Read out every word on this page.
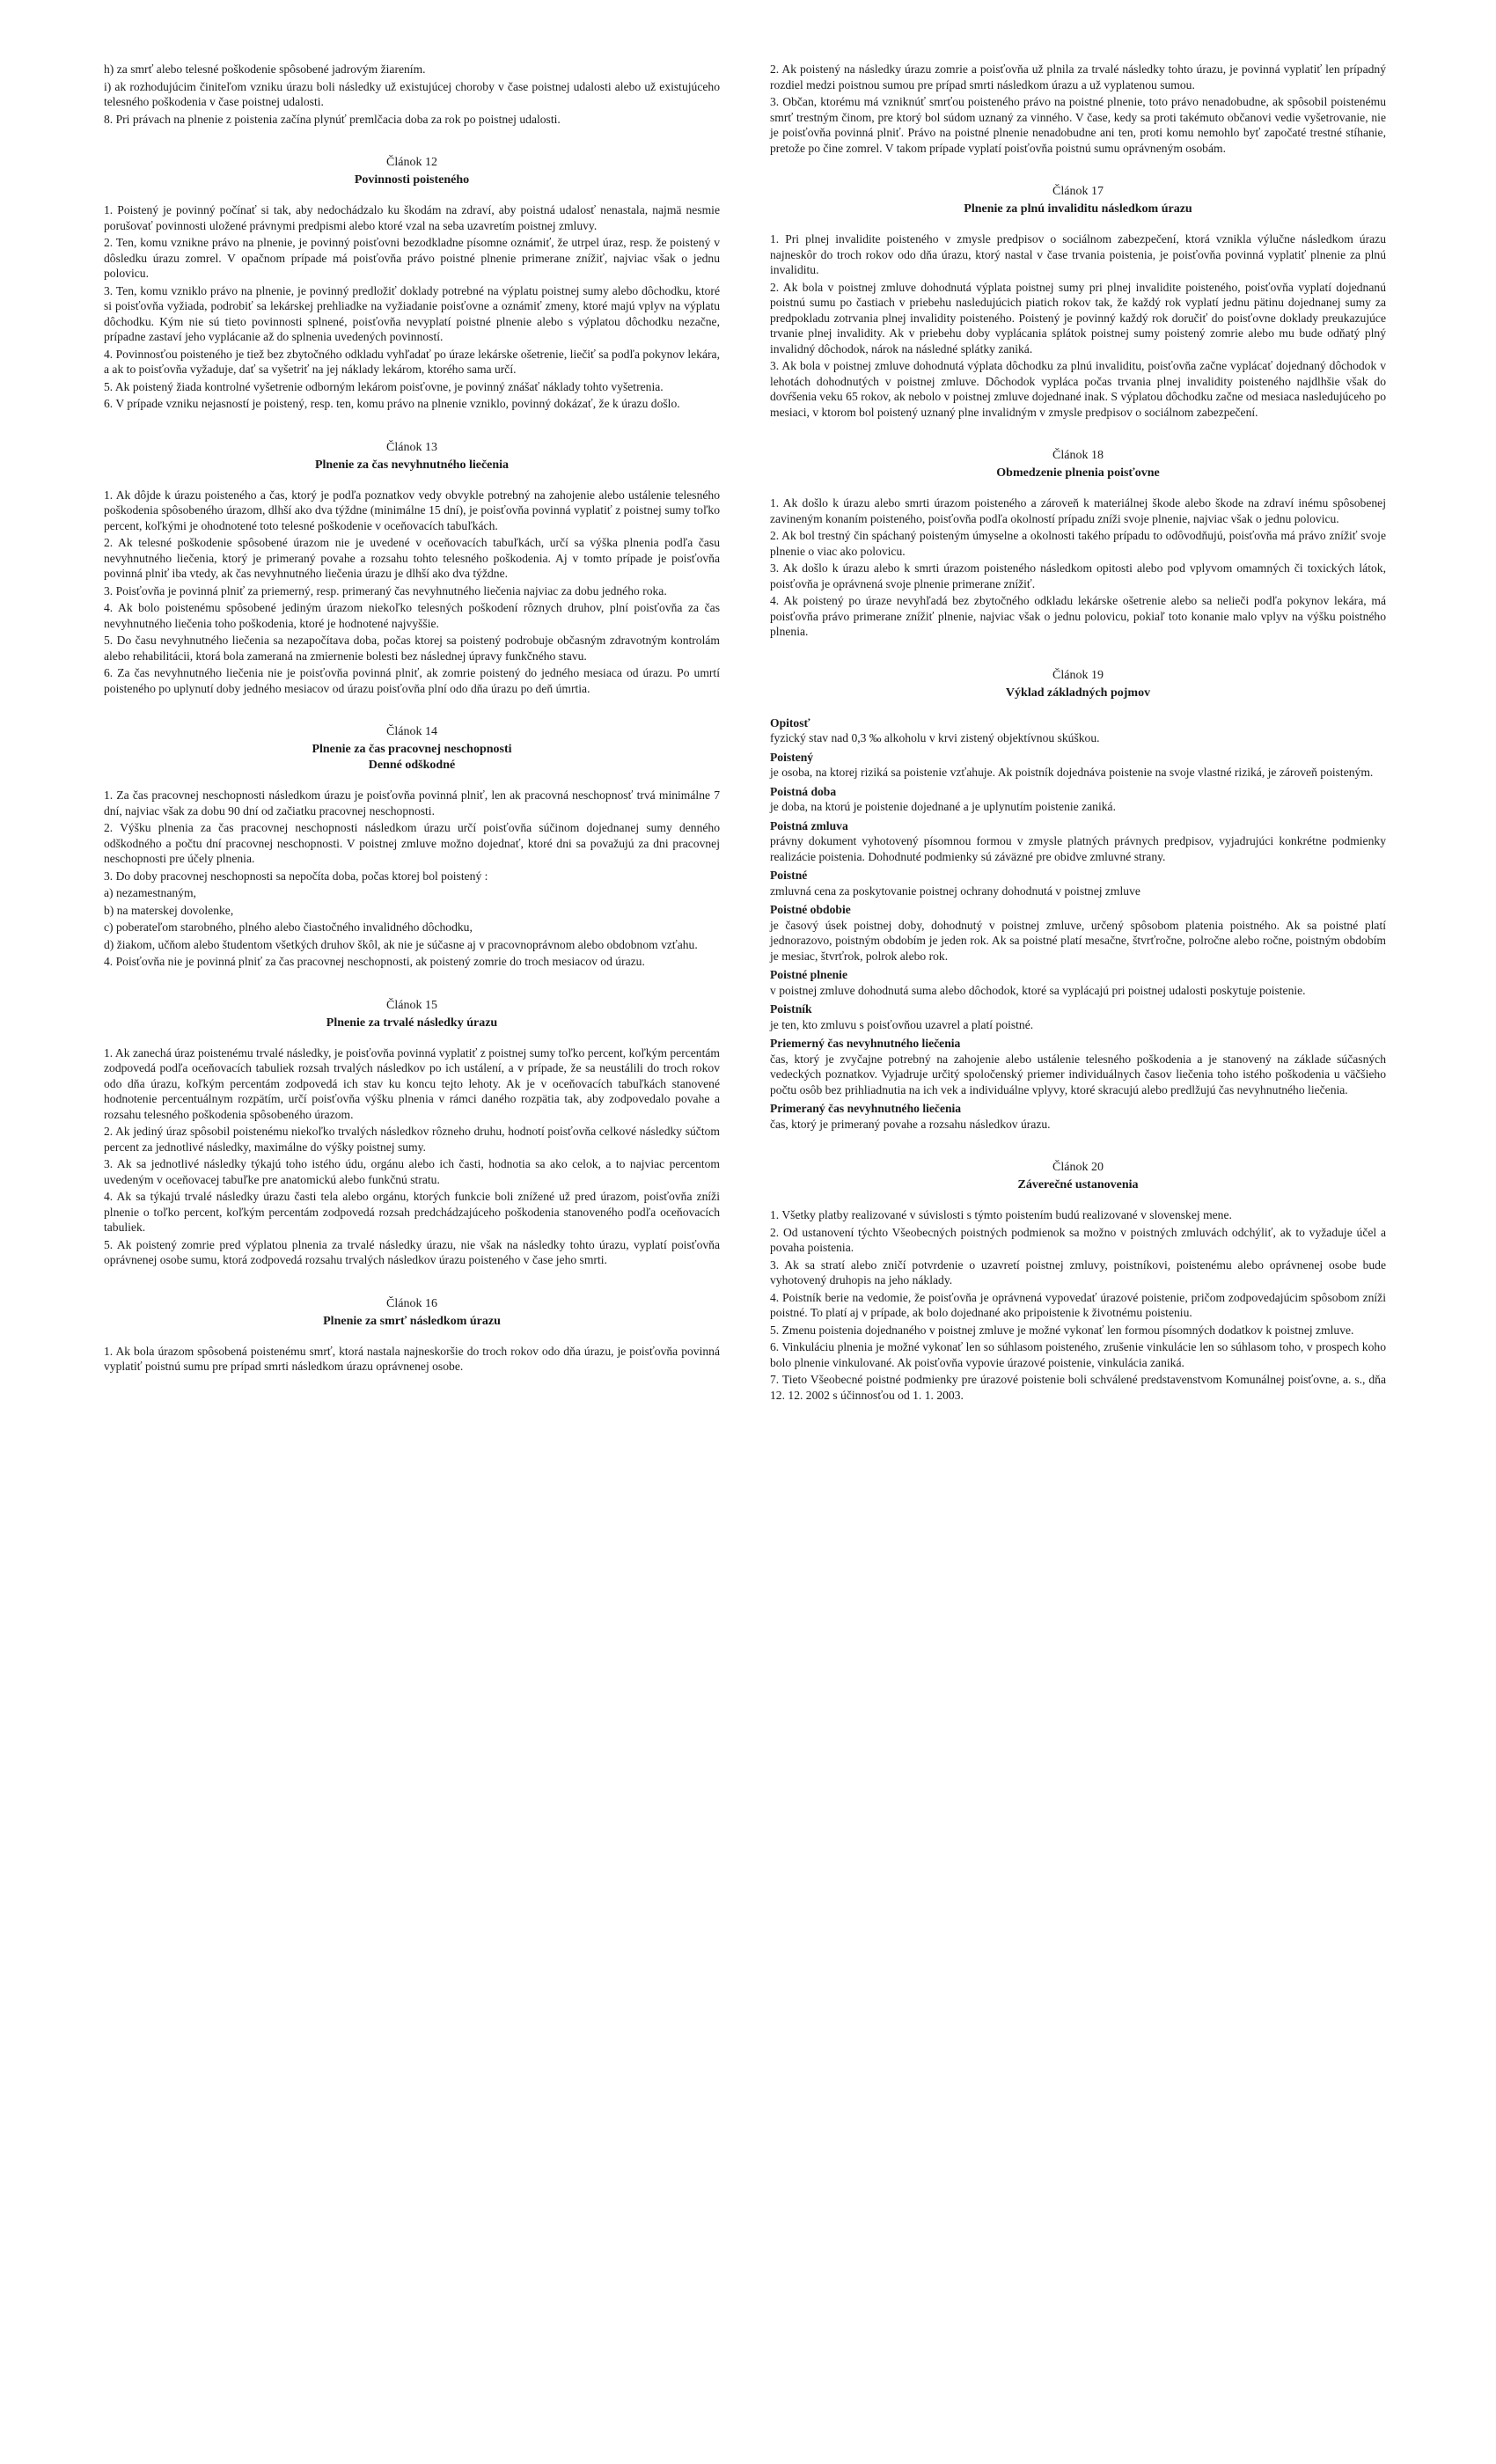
h) za smrť alebo telesné poškodenie spôsobené jadrovým žiarením.

i) ak rozhodujúcim činiteľom vzniku úrazu boli následky už existujúcej choroby v čase poistnej udalosti alebo už existujúceho telesného poškodenia v čase poistnej udalosti.

8. Pri právach na plnenie z poistenia začína plynúť premlčacia doba za rok po poistnej udalosti.

Článok 12
Povinnosti poisteného

1. Poistený je povinný počínať si tak, aby nedochádzalo ku škodám na zdraví, aby poistná udalosť nenastala, najmä nesmie porušovať povinnosti uložené právnymi predpismi alebo ktoré vzal na seba uzavretím poistnej zmluvy.

2. Ten, komu vznikne právo na plnenie, je povinný poisťovni bezodkladne písomne oznámiť, že utrpel úraz, resp. že poistený v dôsledku úrazu zomrel. V opačnom prípade má poisťovňa právo poistné plnenie primerane znížiť, najviac však o jednu polovicu.

3. Ten, komu vzniklo právo na plnenie, je povinný predložiť doklady potrebné na výplatu poistnej sumy alebo dôchodku, ktoré si poisťovňa vyžiada, podrobiť sa lekárskej prehliadke na vyžiadanie poisťovne a oznámiť zmeny, ktoré majú vplyv na výplatu dôchodku. Kým nie sú tieto povinnosti splnené, poisťovňa nevyplatí poistné plnenie alebo s výplatou dôchodku nezačne, prípadne zastaví jeho vyplácanie až do splnenia uvedených povinností.

4. Povinnosťou poisteného je tiež bez zbytočného odkladu vyhľadať po úraze lekárske ošetrenie, liečiť sa podľa pokynov lekára, a ak to poisťovňa vyžaduje, dať sa vyšetriť na jej náklady lekárom, ktorého sama určí.

5. Ak poistený žiada kontrolné vyšetrenie odborným lekárom poisťovne, je povinný znášať náklady tohto vyšetrenia.

6. V prípade vzniku nejasností je poistený, resp. ten, komu právo na plnenie vzniklo, povinný dokázať, že k úrazu došlo.

Článok 13
Plnenie za čas nevyhnutného liečenia

1. Ak dôjde k úrazu poisteného a čas, ktorý je podľa poznatkov vedy obvykle potrebný na zahojenie alebo ustálenie telesného poškodenia spôsobeného úrazom, dlhší ako dva týždne (minimálne 15 dní), je poisťovňa povinná vyplatiť z poistnej sumy toľko percent, koľkými je ohodnotené toto telesné poškodenie v oceňovacích tabuľkách.

2. Ak telesné poškodenie spôsobené úrazom nie je uvedené v oceňovacích tabuľkách, určí sa výška plnenia podľa času nevyhnutného liečenia, ktorý je primeraný povahe a rozsahu tohto telesného poškodenia. Aj v tomto prípade je poisťovňa povinná plniť iba vtedy, ak čas nevyhnutného liečenia úrazu je dlhší ako dva týždne.

3. Poisťovňa je povinná plniť za priemerný, resp. primeraný čas nevyhnutného liečenia najviac za dobu jedného roka.

4. Ak bolo poistenému spôsobené jediným úrazom niekoľko telesných poškodení rôznych druhov, plní poisťovňa za čas nevyhnutného liečenia toho poškodenia, ktoré je hodnotené najvyššie.

5. Do času nevyhnutného liečenia sa nezapočítava doba, počas ktorej sa poistený podrobuje občasným zdravotným kontrolám alebo rehabilitácii, ktorá bola zameraná na zmiernenie bolesti bez následnej úpravy funkčného stavu.

6. Za čas nevyhnutného liečenia nie je poisťovňa povinná plniť, ak zomrie poistený do jedného mesiaca od úrazu. Po umrtí poisteného po uplynutí doby jedného mesiacov od úrazu poisťovňa plní odo dňa úrazu po deň úmrtia.

Článok 14
Plnenie za čas pracovnej neschopnosti
Denné odškodné

1. Za čas pracovnej neschopnosti následkom úrazu je poisťovňa povinná plniť, len ak pracovná neschopnosť trvá minimálne 7 dní, najviac však za dobu 90 dní od začiatku pracovnej neschopnosti.

2. Výšku plnenia za čas pracovnej neschopnosti následkom úrazu určí poisťovňa súčinom dojednanej sumy denného odškodného a počtu dní pracovnej neschopnosti. V poistnej zmluve možno dojednať, ktoré dni sa považujú za dni pracovnej neschopnosti pre účely plnenia.

3. Do doby pracovnej neschopnosti sa nepočíta doba, počas ktorej bol poistený :

a) nezamestnaným,

b) na materskej dovolenke,

c) poberateľom starobného, plného alebo čiastočného invalidného dôchodku,

d) žiakom, učňom alebo študentom všetkých druhov škôl, ak nie je súčasne aj v pracovnoprávnom alebo obdobnom vzťahu.

4. Poisťovňa nie je povinná plniť za čas pracovnej neschopnosti, ak poistený zomrie do troch mesiacov od úrazu.

Článok 15
Plnenie za trvalé následky úrazu

1. Ak zanechá úraz poistenému trvalé následky, je poisťovňa povinná vyplatiť z poistnej sumy toľko percent, koľkým percentám zodpovedá podľa oceňovacích tabuliek rozsah trvalých následkov po ich ustálení, a v prípade, že sa neustálili do troch rokov odo dňa úrazu, koľkým percentám zodpovedá ich stav ku koncu tejto lehoty. Ak je v oceňovacích tabuľkách stanovené hodnotenie percentuálnym rozpätím, určí poisťovňa výšku plnenia v rámci daného rozpätia tak, aby zodpovedalo povahe a rozsahu telesného poškodenia spôsobeného úrazom.

2. Ak jediný úraz spôsobil poistenému niekoľko trvalých následkov rôzneho druhu, hodnotí poisťovňa celkové následky súčtom percent za jednotlivé následky, maximálne do výšky poistnej sumy.

3. Ak sa jednotlivé následky týkajú toho istého údu, orgánu alebo ich časti, hodnotia sa ako celok, a to najviac percentom uvedeným v oceňovacej tabuľke pre anatomickú alebo funkčnú stratu.

4. Ak sa týkajú trvalé následky úrazu časti tela alebo orgánu, ktorých funkcie boli znížené už pred úrazom, poisťovňa zníži plnenie o toľko percent, koľkým percentám zodpovedá rozsah predchádzajúceho poškodenia stanoveného podľa oceňovacích tabuliek.

5. Ak poistený zomrie pred výplatou plnenia za trvalé následky úrazu, nie však na následky tohto úrazu, vyplatí poisťovňa oprávnenej osobe sumu, ktorá zodpovedá rozsahu trvalých následkov úrazu poisteného v čase jeho smrti.

Článok 16
Plnenie za smrť následkom úrazu

1. Ak bola úrazom spôsobená poistenému smrť, ktorá nastala najneskoršie do troch rokov odo dňa úrazu, je poisťovňa povinná vyplatiť poistnú sumu pre prípad smrti následkom úrazu oprávnenej osobe.

2. Ak poistený na následky úrazu zomrie a poisťovňa už plnila za trvalé následky tohto úrazu, je povinná vyplatiť len prípadný rozdiel medzi poistnou sumou pre prípad smrti následkom úrazu a už vyplatenou sumou.

3. Občan, ktorému má vzniknúť smrťou poisteného právo na poistné plnenie, toto právo nenadobudne, ak spôsobil poistenému smrť trestným činom, pre ktorý bol súdom uznaný za vinného. V čase, kedy sa proti takémuto občanovi vedie vyšetrovanie, nie je poisťovňa povinná plniť. Právo na poistné plnenie nenadobudne ani ten, proti komu nemohlo byť započaté trestné stíhanie, pretože po čine zomrel. V takom prípade vyplatí poisťovňa poistnú sumu oprávneným osobám.

Článok 17
Plnenie za plnú invaliditu následkom úrazu

1. Pri plnej invalidite poisteného v zmysle predpisov o sociálnom zabezpečení, ktorá vznikla výlučne následkom úrazu najneskôr do troch rokov odo dňa úrazu, ktorý nastal v čase trvania poistenia, je poisťovňa povinná vyplatiť plnenie za plnú invaliditu.

2. Ak bola v poistnej zmluve dohodnutá výplata poistnej sumy pri plnej invalidite poisteného, poisťovňa vyplatí dojednanú poistnú sumu po častiach v priebehu nasledujúcich piatich rokov tak, že každý rok vyplatí jednu pätinu dojednanej sumy za predpokladu zotrvania plnej invalidity poisteného. Poistený je povinný každý rok doručiť do poisťovne doklady preukazujúce trvanie plnej invalidity. Ak v priebehu doby vyplácania splátok poistnej sumy poistený zomrie alebo mu bude odňatý plný invalidný dôchodok, nárok na následné splátky zaniká.

3. Ak bola v poistnej zmluve dohodnutá výplata dôchodku za plnú invaliditu, poisťovňa začne vyplácať dojednaný dôchodok v lehotách dohodnutých v poistnej zmluve. Dôchodok vypláca počas trvania plnej invalidity poisteného najdlhšie však do dovŕšenia veku 65 rokov, ak nebolo v poistnej zmluve dojednané inak. S výplatou dôchodku začne od mesiaca nasledujúceho po mesiaci, v ktorom bol poistený uznaný plne invalidným v zmysle predpisov o sociálnom zabezpečení.

Článok 18
Obmedzenie plnenia poisťovne

1. Ak došlo k úrazu alebo smrti úrazom poisteného a zároveň k materiálnej škode alebo škode na zdraví inému spôsobenej zavineným konaním poisteného, poisťovňa podľa okolností prípadu zníži svoje plnenie, najviac však o jednu polovicu.

2. Ak bol trestný čin spáchaný poisteným úmyselne a okolnosti takého prípadu to odôvodňujú, poisťovňa má právo znížiť svoje plnenie o viac ako polovicu.

3. Ak došlo k úrazu alebo k smrti úrazom poisteného následkom opitosti alebo pod vplyvom omamných či toxických látok, poisťovňa je oprávnená svoje plnenie primerane znížiť.

4. Ak poistený po úraze nevyhľadá bez zbytočného odkladu lekárske ošetrenie alebo sa nelieči podľa pokynov lekára, má poisťovňa právo primerane znížiť plnenie, najviac však o jednu polovicu, pokiaľ toto konanie malo vplyv na výšku poistného plnenia.

Článok 19
Výklad základných pojmov
Opitosť
fyzický stav nad 0,3 ‰ alkoholu v krvi zistený objektívnou skúškou.
Poistený
je osoba, na ktorej riziká sa poistenie vzťahuje. Ak poistník dojednáva poistenie na svoje vlastné riziká, je zároveň poisteným.
Poistná doba
je doba, na ktorú je poistenie dojednané a je uplynutím poistenie zaniká.
Poistná zmluva
právny dokument vyhotovený písomnou formou v zmysle platných právnych predpisov, vyjadrujúci konkrétne podmienky realizácie poistenia. Dohodnuté podmienky sú záväzné pre obidve zmluvné strany.
Poistné
zmluvná cena za poskytovanie poistnej ochrany dohodnutá v poistnej zmluve
Poistné obdobie
je časový úsek poistnej doby, dohodnutý v poistnej zmluve, určený spôsobom platenia poistného. Ak sa poistné platí jednorazovo, poistným obdobím je jeden rok. Ak sa poistné platí mesačne, štvrťročne, polročne alebo ročne, poistným obdobím je mesiac, štvrťrok, polrok alebo rok.
Poistné plnenie
v poistnej zmluve dohodnutá suma alebo dôchodok, ktoré sa vyplácajú pri poistnej udalosti poskytuje poistenie.
Poistník
je ten, kto zmluvu s poisťovňou uzavrel a platí poistné.
Priemerný čas nevyhnutného liečenia
čas, ktorý je zvyčajne potrebný na zahojenie alebo ustálenie telesného poškodenia a je stanovený na základe súčasných vedeckých poznatkov. Vyjadruje určitý spoločenský priemer individuálnych časov liečenia toho istého poškodenia u väčšieho počtu osôb bez prihliadnutia na ich vek a individuálne vplyvy, ktoré skracujú alebo predlžujú čas nevyhnutného liečenia.
Primeraný čas nevyhnutného liečenia
čas, ktorý je primeraný povahe a rozsahu následkov úrazu.
Článok 20
Záverečné ustanovenia

1. Všetky platby realizované v súvislosti s týmto poistením budú realizované v slovenskej mene.

2. Od ustanovení týchto Všeobecných poistných podmienok sa možno v poistných zmluvách odchýliť, ak to vyžaduje účel a povaha poistenia.

3. Ak sa stratí alebo zničí potvrdenie o uzavretí poistnej zmluvy, poistníkovi, poistenému alebo oprávnenej osobe bude vyhotovený druhopis na jeho náklady.

4. Poistník berie na vedomie, že poisťovňa je oprávnená vypovedať úrazové poistenie, pričom zodpovedajúcim spôsobom zníži poistné. To platí aj v prípade, ak bolo dojednané ako pripoistenie k životnému poisteniu.

5. Zmenu poistenia dojednaného v poistnej zmluve je možné vykonať len formou písomných dodatkov k poistnej zmluve.

6. Vinkuláciu plnenia je možné vykonať len so súhlasom poisteného, zrušenie vinkulácie len so súhlasom toho, v prospech koho bolo plnenie vinkulované. Ak poisťovňa vypovie úrazové poistenie, vinkulácia zaniká.

7. Tieto Všeobecné poistné podmienky pre úrazové poistenie boli schválené predstavenstvom Komunálnej poisťovne, a. s., dňa 12. 12. 2002 s účinnosťou od 1. 1. 2003.
